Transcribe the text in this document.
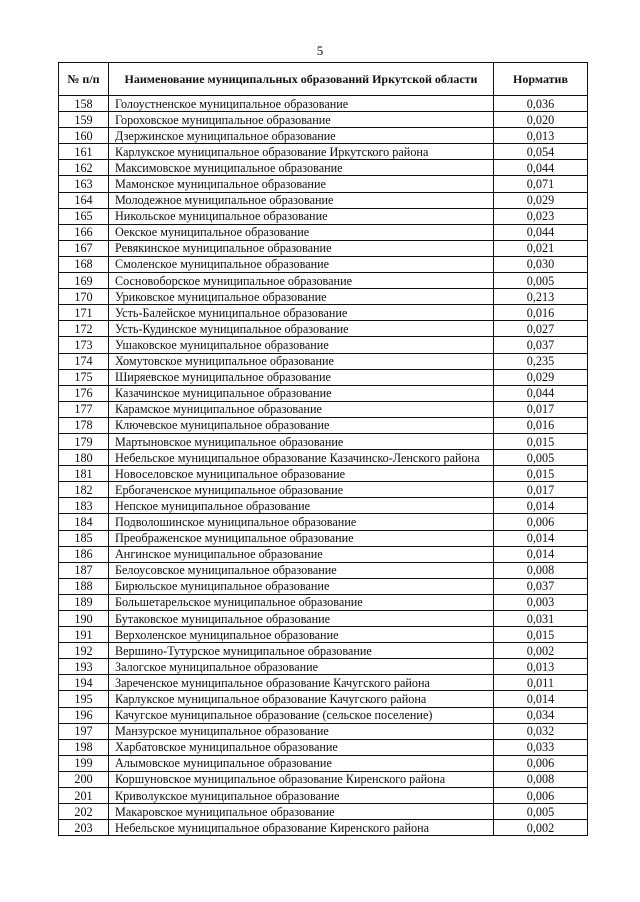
5
№ п/п	Наименование муниципальных образований Иркутской области	Норматив
158	Голоустненское муниципальное образование	0,036
159	Гороховское муниципальное образование	0,020
160	Дзержинское муниципальное образование	0,013
161	Карлукское муниципальное образование Иркутского района	0,054
162	Максимовское муниципальное образование	0,044
163	Мамонское муниципальное образование	0,071
164	Молодежное муниципальное образование	0,029
165	Никольское муниципальное образование	0,023
166	Оекское муниципальное образование	0,044
167	Ревякинское муниципальное образование	0,021
168	Смоленское муниципальное образование	0,030
169	Сосновоборское муниципальное образование	0,005
170	Уриковское муниципальное образование	0,213
171	Усть-Балейское муниципальное образование	0,016
172	Усть-Кудинское муниципальное образование	0,027
173	Ушаковское муниципальное образование	0,037
174	Хомутовское муниципальное образование	0,235
175	Ширяевское муниципальное образование	0,029
176	Казачинское муниципальное образование	0,044
177	Карамское муниципальное образование	0,017
178	Ключевское муниципальное образование	0,016
179	Мартыновское муниципальное образование	0,015
180	Небельское муниципальное образование Казачинско-Ленского района	0,005
181	Новоселовское муниципальное образование	0,015
182	Ербогаченское муниципальное образование	0,017
183	Непское муниципальное образование	0,014
184	Подволошинское муниципальное образование	0,006
185	Преображенское муниципальное образование	0,014
186	Ангинское муниципальное образование	0,014
187	Белоусовское муниципальное образование	0,008
188	Бирюльское муниципальное образование	0,037
189	Большетарельское муниципальное образование	0,003
190	Бутаковское муниципальное образование	0,031
191	Верхоленское муниципальное образование	0,015
192	Вершино-Тутурское муниципальное образование	0,002
193	Залогское муниципальное образование	0,013
194	Зареченское муниципальное образование Качугского района	0,011
195	Карлукское муниципальное образование Качугского района	0,014
196	Качугское муниципальное образование (сельское поселение)	0,034
197	Манзурское муниципальное образование	0,032
198	Харбатовское муниципальное образование	0,033
199	Алымовское муниципальное образование	0,006
200	Коршуновское муниципальное образование Киренского района	0,008
201	Криволукское муниципальное образование	0,006
202	Макаровское муниципальное образование	0,005
203	Небельское муниципальное образование Киренского района	0,002
